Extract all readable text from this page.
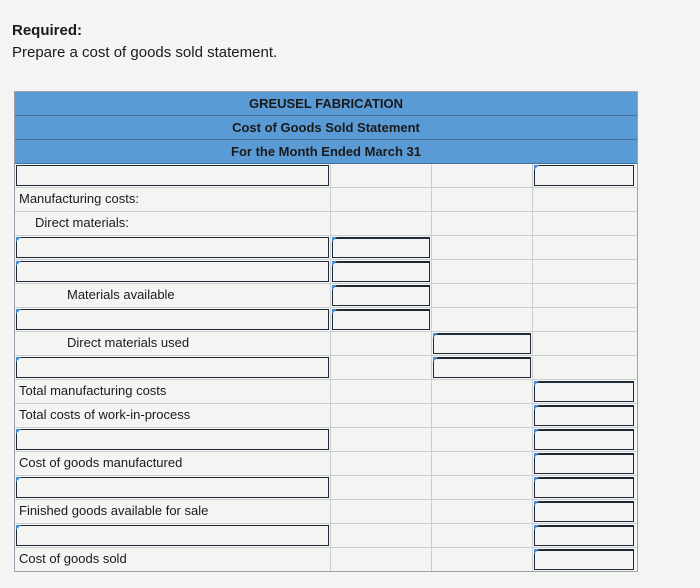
Required:
Prepare a cost of goods sold statement.
GREUSEL FABRICATION
Cost of Goods Sold Statement
For the Month Ended March 31
Manufacturing costs:
Direct materials:
Materials available
Direct materials used
Total manufacturing costs
Total costs of work-in-process
Cost of goods manufactured
Finished goods available for sale
Cost of goods sold
